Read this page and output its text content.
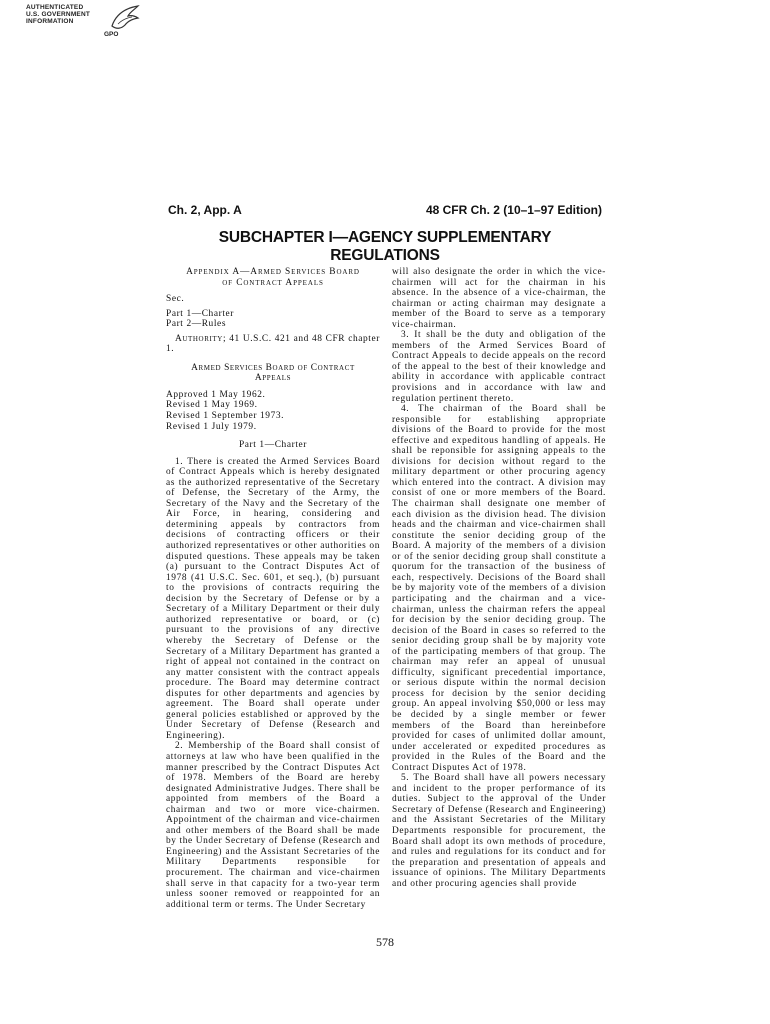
AUTHENTICATED
U.S. GOVERNMENT
INFORMATION
GPO
Ch. 2, App. A	48 CFR Ch. 2 (10–1–97 Edition)
SUBCHAPTER I—AGENCY SUPPLEMENTARY REGULATIONS

Appendix A—Armed Services Board

of Contract Appeals

Sec.

Part 1—Charter

Part 2—Rules

Authority; 41 U.S.C. 421 and 48 CFR chapter 1.

Armed Services Board of Contract

Appeals

Approved 1 May 1962.

Revised 1 May 1969.

Revised 1 September 1973.

Revised 1 July 1979.

Part 1—Charter

1. There is created the Armed Services Board of Contract Appeals which is hereby designated as the authorized representative of the Secretary of Defense, the Secretary of the Army, the Secretary of the Navy and the Secretary of the Air Force, in hearing, considering and determining appeals by contractors from decisions of contracting officers or their authorized representatives or other authorities on disputed questions. These appeals may be taken (a) pursuant to the Contract Disputes Act of 1978 (41 U.S.C. Sec. 601, et seq.), (b) pursuant to the provisions of contracts requiring the decision by the Secretary of Defense or by a Secretary of a Military Department or their duly authorized representative or board, or (c) pursuant to the provisions of any directive whereby the Secretary of Defense or the Secretary of a Military Department has granted a right of appeal not contained in the contract on any matter consistent with the contract appeals procedure. The Board may determine contract disputes for other departments and agencies by agreement. The Board shall operate under general policies established or approved by the Under Secretary of Defense (Research and Engineering).

2. Membership of the Board shall consist of attorneys at law who have been qualified in the manner prescribed by the Contract Disputes Act of 1978. Members of the Board are hereby designated Administrative Judges. There shall be appointed from members of the Board a chairman and two or more vice-chairmen. Appointment of the chairman and vice-chairmen and other members of the Board shall be made by the Under Secretary of Defense (Research and Engineering) and the Assistant Secretaries of the Military Departments responsible for procurement. The chairman and vice-chairmen shall serve in that capacity for a two-year term unless sooner removed or reappointed for an additional term or terms. The Under Secretary

will also designate the order in which the vice-chairmen will act for the chairman in his absence. In the absence of a vice-chairman, the chairman or acting chairman may designate a member of the Board to serve as a temporary vice-chairman.

3. It shall be the duty and obligation of the members of the Armed Services Board of Contract Appeals to decide appeals on the record of the appeal to the best of their knowledge and ability in accordance with applicable contract provisions and in accordance with law and regulation pertinent thereto.

4. The chairman of the Board shall be responsible for establishing appropriate divisions of the Board to provide for the most effective and expeditous handling of appeals. He shall be reponsible for assigning appeals to the divisions for decision without regard to the military department or other procuring agency which entered into the contract. A division may consist of one or more members of the Board. The chairman shall designate one member of each division as the division head. The division heads and the chairman and vice-chairmen shall constitute the senior deciding group of the Board. A majority of the members of a division or of the senior deciding group shall constitute a quorum for the transaction of the business of each, respectively. Decisions of the Board shall be by majority vote of the members of a division participating and the chairman and a vice-chairman, unless the chairman refers the appeal for decision by the senior deciding group. The decision of the Board in cases so referred to the senior deciding group shall be by majority vote of the participating members of that group. The chairman may refer an appeal of unusual difficulty, significant precedential importance, or serious dispute within the normal decision process for decision by the senior deciding group. An appeal involving $50,000 or less may be decided by a single member or fewer members of the Board than hereinbefore provided for cases of unlimited dollar amount, under accelerated or expedited procedures as provided in the Rules of the Board and the Contract Disputes Act of 1978.

5. The Board shall have all powers necessary and incident to the proper performance of its duties. Subject to the approval of the Under Secretary of Defense (Research and Engineering) and the Assistant Secretaries of the Military Departments responsible for procurement, the Board shall adopt its own methods of procedure, and rules and regulations for its conduct and for the preparation and presentation of appeals and issuance of opinions. The Military Departments and other procuring agencies shall provide

578
